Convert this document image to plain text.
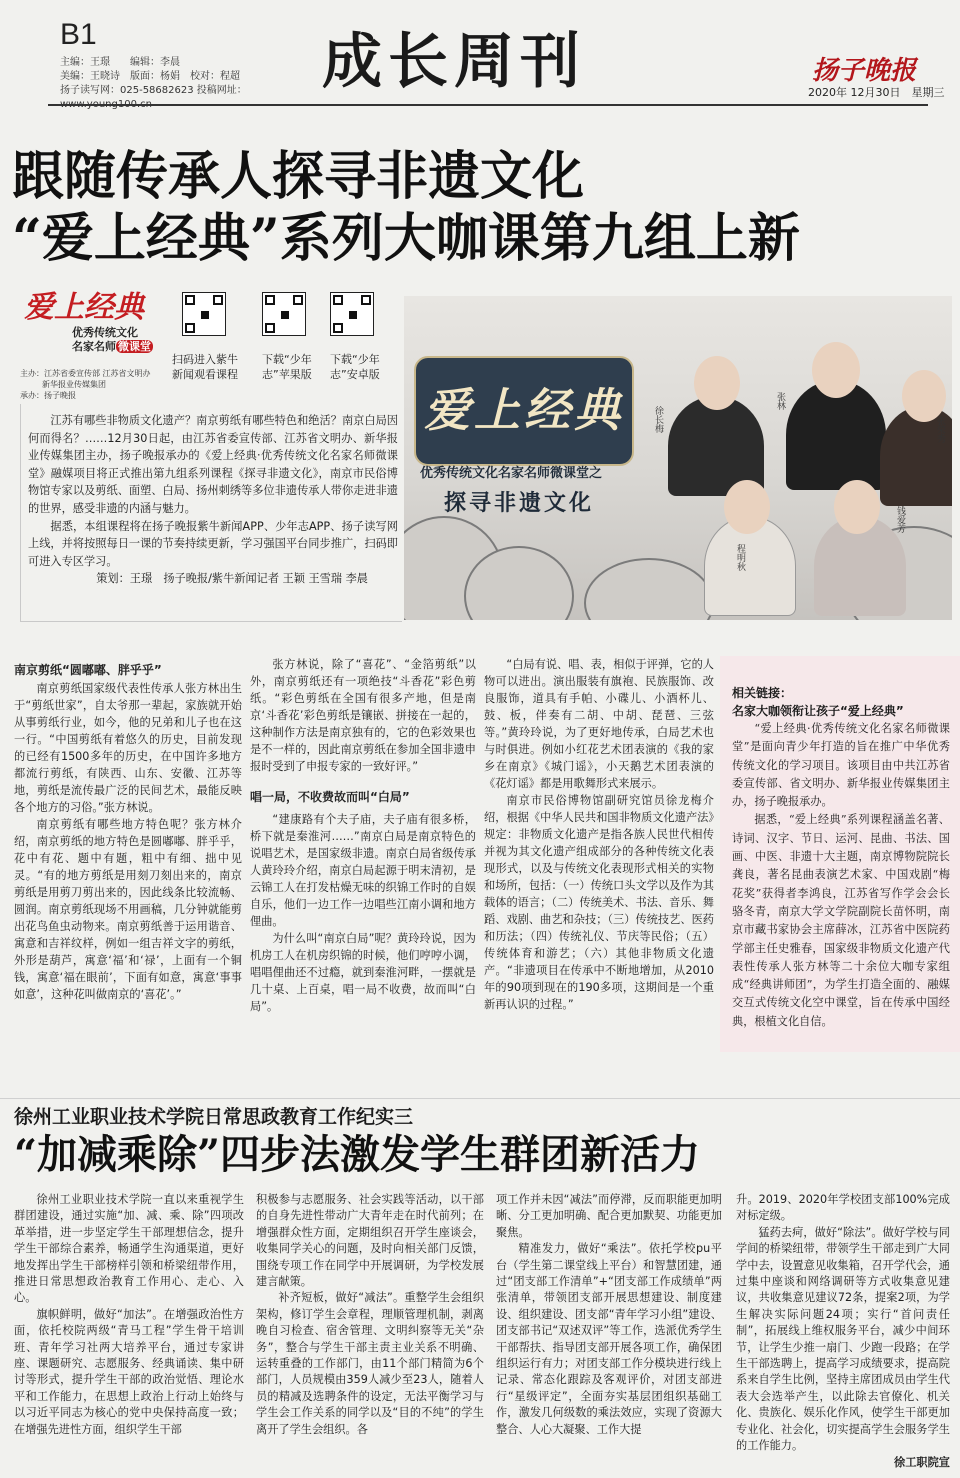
B1
主编：王璟　　编辑：李晨
美编：王晓诗　版面：杨娟　校对：程超
扬子读写网：025-58682623 投稿网址：	成长周刊	扬子晚报
2020年 12月30日　星期三
跟随传承人探寻非遗文化
“爱上经典”系列大咖课第九组上新
爱上经典
优秀传统文化
名家名师 微课堂
主办：江苏省委宣传部 江苏省文明办
新华报业传媒集团
承办：扬子晚报
扫码进入紫牛
新闻观看课程
下载“少年
志”苹果版
下载“少年
志”安卓版

江苏有哪些非物质文化遗产？南京剪纸有哪些特色和绝活？南京白局因何而得名？……12月30日起，由江苏省委宣传部、江苏省文明办、新华报业传媒集团主办，扬子晚报承办的《爱上经典·优秀传统文化名家名师微课堂》融媒项目将正式推出第九组系列课程《探寻非遗文化》，南京市民俗博物馆专家以及剪纸、面塑、白局、扬州刺绣等多位非遗传承人带你走进非遗的世界，感受非遗的内涵与魅力。

据悉，本组课程将在扬子晚报紫牛新闻APP、少年志APP、扬子读写网上线，并将按照每日一课的节奏持续更新，学习强国平台同步推广，扫码即可进入专区学习。

策划：王璟　扬子晚报/紫牛新闻记者 王颖 王雪瑞 李晨
爱上经典
优秀传统文化名家名师微课堂之
探寻非遗文化
徐长梅
张林
张荣秀
程明秋
钱爱芳

南京剪纸“圆嘟嘟、胖乎乎”

南京剪纸国家级代表性传承人张方林出生于“剪纸世家”，自太爷那一辈起，家族就开始从事剪纸行业，如今，他的兄弟和儿子也在这一行。“中国剪纸有着悠久的历史，目前发现的已经有1500多年的历史，在中国许多地方都流行剪纸，有陕西、山东、安徽、江苏等地，剪纸是流传最广泛的民间艺术，最能反映各个地方的习俗。”张方林说。

南京剪纸有哪些地方特色呢？张方林介绍，南京剪纸的地方特色是圆嘟嘟、胖乎乎，花中有花、题中有题，粗中有细、拙中见灵。“有的地方剪纸是用刻刀刻出来的，南京剪纸是用剪刀剪出来的，因此线条比较流畅、圆润。南京剪纸现场不用画稿，几分钟就能剪出花鸟鱼虫动物来。南京剪纸善于运用谐音、寓意和吉祥纹样，例如一组吉祥文字的剪纸，外形是葫芦，寓意‘福’和‘禄’，上面有一个铜钱，寓意‘福在眼前’，下面有如意，寓意‘事事如意’，这种花叫做南京的‘喜花’。”

张方林说，除了“喜花”、“金箔剪纸”以外，南京剪纸还有一项绝技“斗香花”彩色剪纸。“彩色剪纸在全国有很多产地，但是南京‘斗香花’彩色剪纸是镶嵌、拼接在一起的，这种制作方法是南京独有的，它的色彩效果也是不一样的，因此南京剪纸在参加全国非遗申报时受到了申报专家的一致好评。”

唱一局，不收费故而叫“白局”

“建康路有个夫子庙，夫子庙有很多桥，桥下就是秦淮河……”南京白局是南京特色的说唱艺术，是国家级非遗。南京白局省级传承人黄玲玲介绍，南京白局起源于明末清初，是云锦工人在打发枯燥无味的织锦工作时的自娱自乐，他们一边工作一边唱些江南小调和地方俚曲。

为什么叫“南京白局”呢？黄玲玲说，因为机房工人在机房织锦的时候，他们哼哼小调，唱唱俚曲还不过瘾，就到秦淮河畔，一摆就是几十桌、上百桌，唱一局不收费，故而叫“白局”。

“白局有说、唱、表，相似于评弹，它的人物可以进出。演出服装有旗袍、民族服饰、改良服饰，道具有手帕、小碟儿、小酒杯儿、鼓、板，伴奏有二胡、中胡、琵琶、三弦等。”黄玲玲说，为了更好地传承，白局艺术也与时俱进。例如小红花艺术团表演的《我的家乡在南京》《城门谣》，小天鹅艺术团表演的《花灯谣》都是用歌舞形式来展示。

南京市民俗博物馆副研究馆员徐龙梅介绍，根据《中华人民共和国非物质文化遗产法》规定：非物质文化遗产是指各族人民世代相传并视为其文化遗产组成部分的各种传统文化表现形式，以及与传统文化表现形式相关的实物和场所，包括：（一）传统口头文学以及作为其载体的语言；（二）传统美术、书法、音乐、舞蹈、戏剧、曲艺和杂技；（三）传统技艺、医药和历法；（四）传统礼仪、节庆等民俗；（五）传统体育和游艺；（六）其他非物质文化遗产。“非遗项目在传承中不断地增加，从2010年的90项到现在的190多项，这期间是一个重新再认识的过程。”

相关链接：
名家大咖领衔让孩子“爱上经典”

“爱上经典·优秀传统文化名家名师微课堂”是面向青少年打造的旨在推广中华优秀传统文化的学习项目。该项目由中共江苏省委宣传部、省文明办、新华报业传媒集团主办，扬子晚报承办。

据悉，“爱上经典”系列课程涵盖名著、诗词、汉字、节日、运河、昆曲、书法、国画、中医、非遗十大主题，南京博物院院长龚良，著名昆曲表演艺术家、中国戏剧“梅花奖”获得者李鸿良，江苏省写作学会会长骆冬青，南京大学文学院副院长苗怀明，南京市藏书家协会主席薛冰，江苏省中医院药学部主任史雅春，国家级非物质文化遗产代表性传承人张方林等二十余位大咖专家组成“经典讲师团”，为学生打造全面的、融媒交互式传统文化空中课堂，旨在传承中国经典，根植文化自信。

徐州工业职业技术学院日常思政教育工作纪实三
“加减乘除”四步法激发学生群团新活力

徐州工业职业技术学院一直以来重视学生群团建设，通过实施“加、减、乘、除”四项改革举措，进一步坚定学生干部理想信念，提升学生干部综合素养，畅通学生沟通渠道，更好地发挥出学生干部榜样引领和桥梁纽带作用，推进日常思想政治教育工作用心、走心、入心。

旗帜鲜明，做好“加法”。在增强政治性方面，依托校院两级“青马工程”学生骨干培训班、青年学习社两大培养平台，通过专家讲座、课题研究、志愿服务、经典诵读、集中研讨等形式，提升学生干部的政治觉悟、理论水平和工作能力，在思想上政治上行动上始终与以习近平同志为核心的党中央保持高度一致；在增强先进性方面，组织学生干部

积极参与志愿服务、社会实践等活动，以干部的自身先进性带动广大青年走在时代前列；在增强群众性方面，定期组织召开学生座谈会，收集同学关心的问题，及时向相关部门反馈，围绕专项工作在同学中开展调研，为学校发展建言献策。

补齐短板，做好“减法”。重整学生会组织架构，修订学生会章程，理顺管理机制，剥离晚自习检查、宿舍管理、文明纠察等无关“杂务”，整合与学生干部主责主业关系不明确、运转重叠的工作部门，由11个部门精简为6个部门，人员规模由359人减少至23人，随着人员的精减及选聘条件的设定，无法平衡学习与学生会工作关系的同学以及“目的不纯”的学生离开了学生会组织。各

项工作并未因“减法”而停滞，反而职能更加明晰、分工更加明确、配合更加默契、功能更加聚焦。

精准发力，做好“乘法”。依托学校pu平台（学生第二课堂线上平台）和智慧团建，通过“团支部工作清单”+“团支部工作成绩单”两张清单，带领团支部开展思想建设、制度建设、组织建设、团支部“青年学习小组”建设、团支部书记“双述双评”等工作，选派优秀学生干部帮扶、指导团支部开展各项工作，确保团组织运行有力；对团支部工作分模块进行线上记录、常态化跟踪及客观评价，对团支部进行“星级评定”，全面夯实基层团组织基础工作，激发几何级数的乘法效应，实现了资源大整合、人心大凝聚、工作大提

升。2019、2020年学校团支部100%完成对标定级。

猛药去疴，做好“除法”。做好学校与同学间的桥梁纽带，带领学生干部走到广大同学中去，设置意见收集箱，召开学代会，通过集中座谈和网络调研等方式收集意见建议，共收集意见建议72条，提案2项，为学生解决实际问题24项；实行“首问责任制”，拓展线上维权服务平台，减少中间环节，让学生少推一扇门、少跑一段路；在学生干部选聘上，提高学习成绩要求，提高院系来自学生比例，坚持主席团成员由学生代表大会选举产生，以此除去官僚化、机关化、贵族化、娱乐化作风，使学生干部更加专业化、社会化，切实提高学生会服务学生的工作能力。

徐工职院宣
